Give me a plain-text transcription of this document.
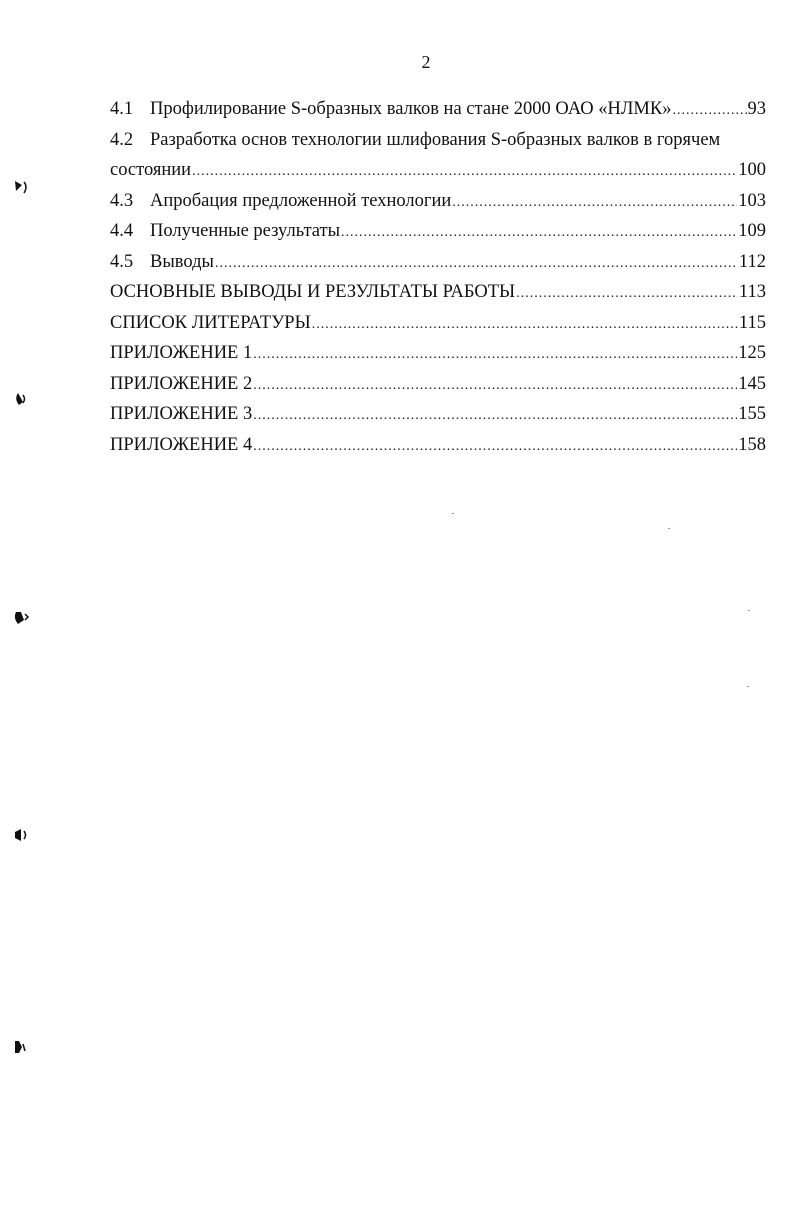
2
4.1 Профилирование S-образных валков на стане 2000 ОАО «НЛМК» .....	93
4.2 Разработка основ технологии шлифования S-образных валков в горячем
состоянии .....	100
4.3 Апробация предложенной технологии .....	103
4.4 Полученные результаты .....	109
4.5 Выводы .....	112
ОСНОВНЫЕ ВЫВОДЫ И РЕЗУЛЬТАТЫ РАБОТЫ .....	113
СПИСОК ЛИТЕРАТУРЫ .....	115
ПРИЛОЖЕНИЕ 1 .....	125
ПРИЛОЖЕНИЕ 2 .....	145
ПРИЛОЖЕНИЕ 3 .....	155
ПРИЛОЖЕНИЕ 4 .....	158
